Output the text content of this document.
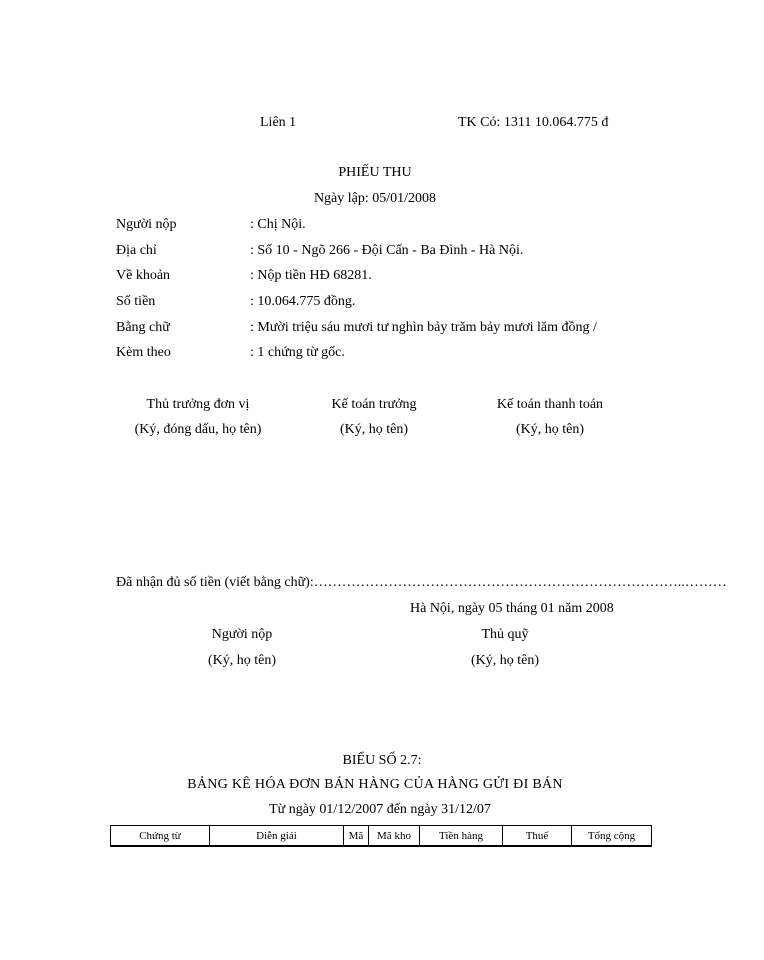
Liên 1	TK Có: 1311 10.064.775 đ
PHIẾU THU
Ngày lập: 05/01/2008
Người nộp	: Chị Nội.
Địa chỉ	: Số 10 - Ngõ 266 - Đội Cấn - Ba Đình - Hà Nội.
Về khoản	: Nộp tiền HĐ 68281.
Số tiền	: 10.064.775 đồng.
Bằng chữ	: Mười triệu sáu mươi tư nghìn bảy trăm bảy mươi lăm đồng /
Kèm theo	: 1 chứng từ gốc.
Thủ trưởng đơn vị
(Ký, đóng dấu, họ tên)
Kế toán trưởng
(Ký, họ tên)
Kế toán thanh toán
(Ký, họ tên)
Đã nhận đủ số tiền (viết bằng chữ):……………………………………………………………………..………
Hà Nội, ngày 05 tháng 01 năm 2008
Người nộp
(Ký, họ tên)
Thủ quỹ
(Ký, họ tên)
BIỂU SỐ 2.7:
BẢNG KÊ HÓA ĐƠN BÁN HÀNG CỦA HÀNG GỬI ĐI BÁN
Từ ngày 01/12/2007 đến ngày 31/12/07
Chứng từ	Diễn giải	Mã	Mã kho	Tiền hàng	Thuế	Tổng cộng
